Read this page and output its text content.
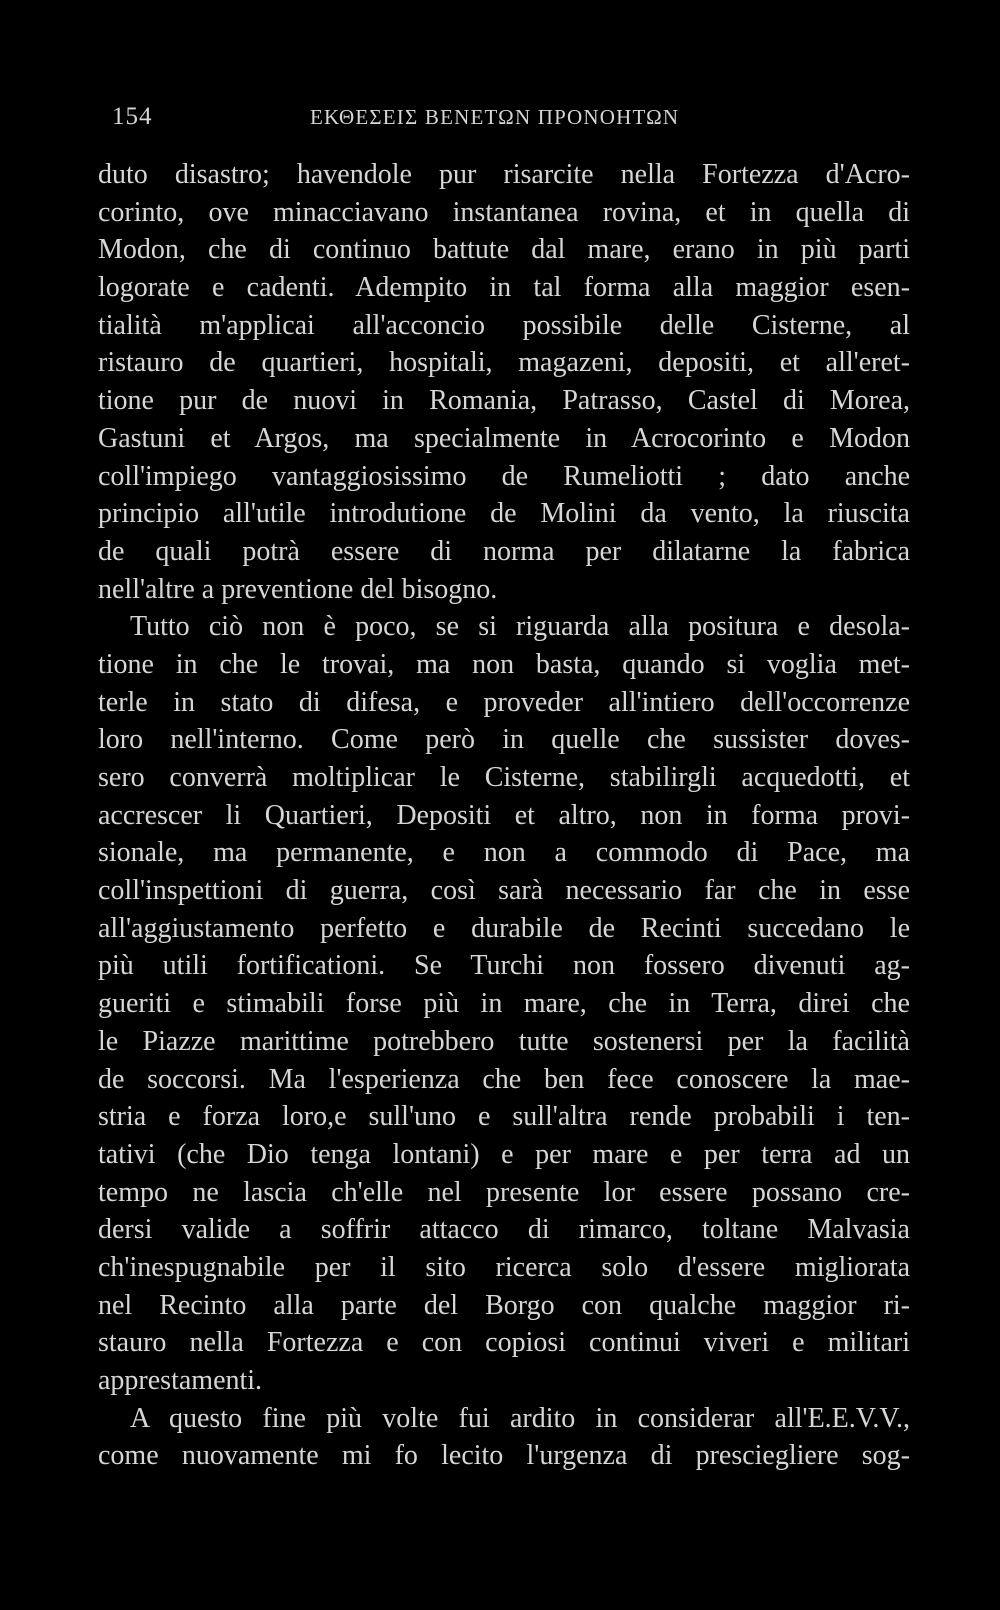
154	ΕΚΘΕΣΕΙΣ ΒΕΝΕΤΩΝ ΠΡΟΝΟΗΤΩΝ
duto disastro; havendole pur risarcite nella Fortezza d'Acro-
corinto, ove minacciavano instantanea rovina, et in quella di
Modon, che di continuo battute dal mare, erano in più parti
logorate e cadenti. Adempito in tal forma alla maggior esen-
tialità m'applicai all'acconcio possibile delle Cisterne, al
ristauro de quartieri, hospitali, magazeni, depositi, et all'eret-
tione pur de nuovi in Romania, Patrasso, Castel di Morea,
Gastuni et Argos, ma specialmente in Acrocorinto e Modon
coll'impiego vantaggiosissimo de Rumeliotti ; dato anche
principio all'utile introdutione de Molini da vento, la riuscita
de quali potrà essere di norma per dilatarne la fabrica
nell'altre a preventione del bisogno.
Tutto ciò non è poco, se si riguarda alla positura e desola-
tione in che le trovai, ma non basta, quando si voglia met-
terle in stato di difesa, e proveder all'intiero dell'occorrenze
loro nell'interno. Come però in quelle che sussister doves-
sero converrà moltiplicar le Cisterne, stabilirgli acquedotti, et
accrescer li Quartieri, Depositi et altro, non in forma provi-
sionale, ma permanente, e non a commodo di Pace, ma
coll'inspettioni di guerra, così sarà necessario far che in esse
all'aggiustamento perfetto e durabile de Recinti succedano le
più utili fortificationi. Se Turchi non fossero divenuti ag-
gueriti e stimabili forse più in mare, che in Terra, direi che
le Piazze marittime potrebbero tutte sostenersi per la facilità
de soccorsi. Ma l'esperienza che ben fece conoscere la mae-
stria e forza loro,e sull'uno e sull'altra rende probabili i ten-
tativi (che Dio tenga lontani) e per mare e per terra ad un
tempo ne lascia ch'elle nel presente lor essere possano cre-
dersi valide a soffrir attacco di rimarco, toltane Malvasia
ch'inespugnabile per il sito ricerca solo d'essere migliorata
nel Recinto alla parte del Borgo con qualche maggior ri-
stauro nella Fortezza e con copiosi continui viveri e militari
apprestamenti.
A questo fine più volte fui ardito in considerar all'E.E.V.V.,
come nuovamente mi fo lecito l'urgenza di presciegliere sog-
